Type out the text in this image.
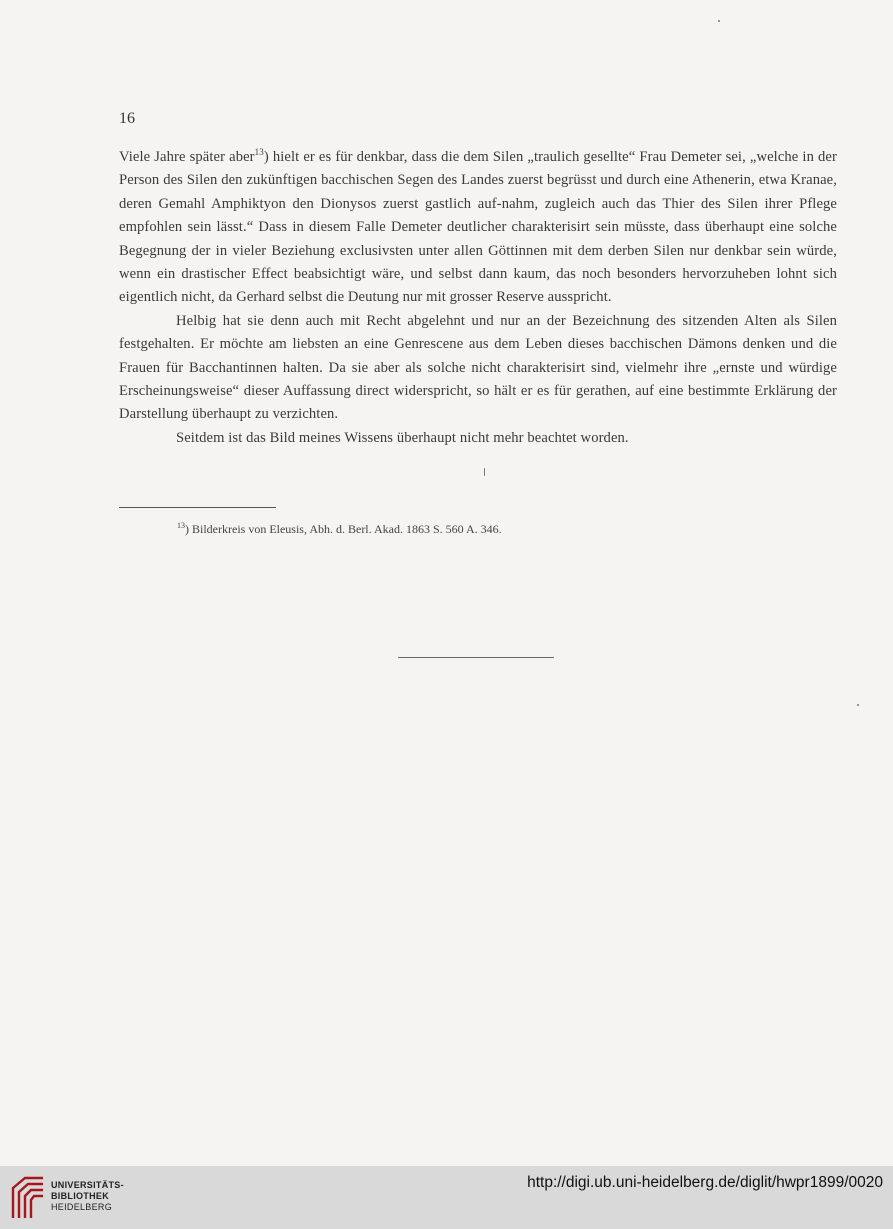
16

Viele Jahre später aber$^{13}$) hielt er es für denkbar, dass die dem Silen „traulich gesellte“ Frau Demeter sei, „welche in der Person des Silen den zukünftigen bacchischen Segen des Landes zuerst begrüsst und durch eine Athenerin, etwa Kranae, deren Gemahl Amphiktyon den Dionysos zuerst gastlich auf-nahm, zugleich auch das Thier des Silen ihrer Pflege empfohlen sein lässt.“ Dass in diesem Falle Demeter deutlicher charakterisirt sein müsste, dass überhaupt eine solche Begegnung der in vieler Beziehung exclusivsten unter allen Göttinnen mit dem derben Silen nur denkbar sein würde, wenn ein drastischer Effect beabsichtigt wäre, und selbst dann kaum, das noch besonders hervorzuheben lohnt sich eigentlich nicht, da Gerhard selbst die Deutung nur mit grosser Reserve ausspricht.

Helbig hat sie denn auch mit Recht abgelehnt und nur an der Bezeichnung des sitzenden Alten als Silen festgehalten. Er möchte am liebsten an eine Genrescene aus dem Leben dieses bacchischen Dämons denken und die Frauen für Bacchantinnen halten. Da sie aber als solche nicht charakterisirt sind, vielmehr ihre „ernste und würdige Erscheinungsweise“ dieser Auffassung direct widerspricht, so hält er es für gerathen, auf eine bestimmte Erklärung der Darstellung überhaupt zu verzichten.

Seitdem ist das Bild meines Wissens überhaupt nicht mehr beachtet worden.

$^{13}$) Bilderkreis von Eleusis, Abh. d. Berl. Akad. 1863 S. 560 A. 346.
UNIVERSITÄTS-
BIBLIOTHEK
HEIDELBERG
http://digi.ub.uni-heidelberg.de/diglit/hwpr1899/0020
